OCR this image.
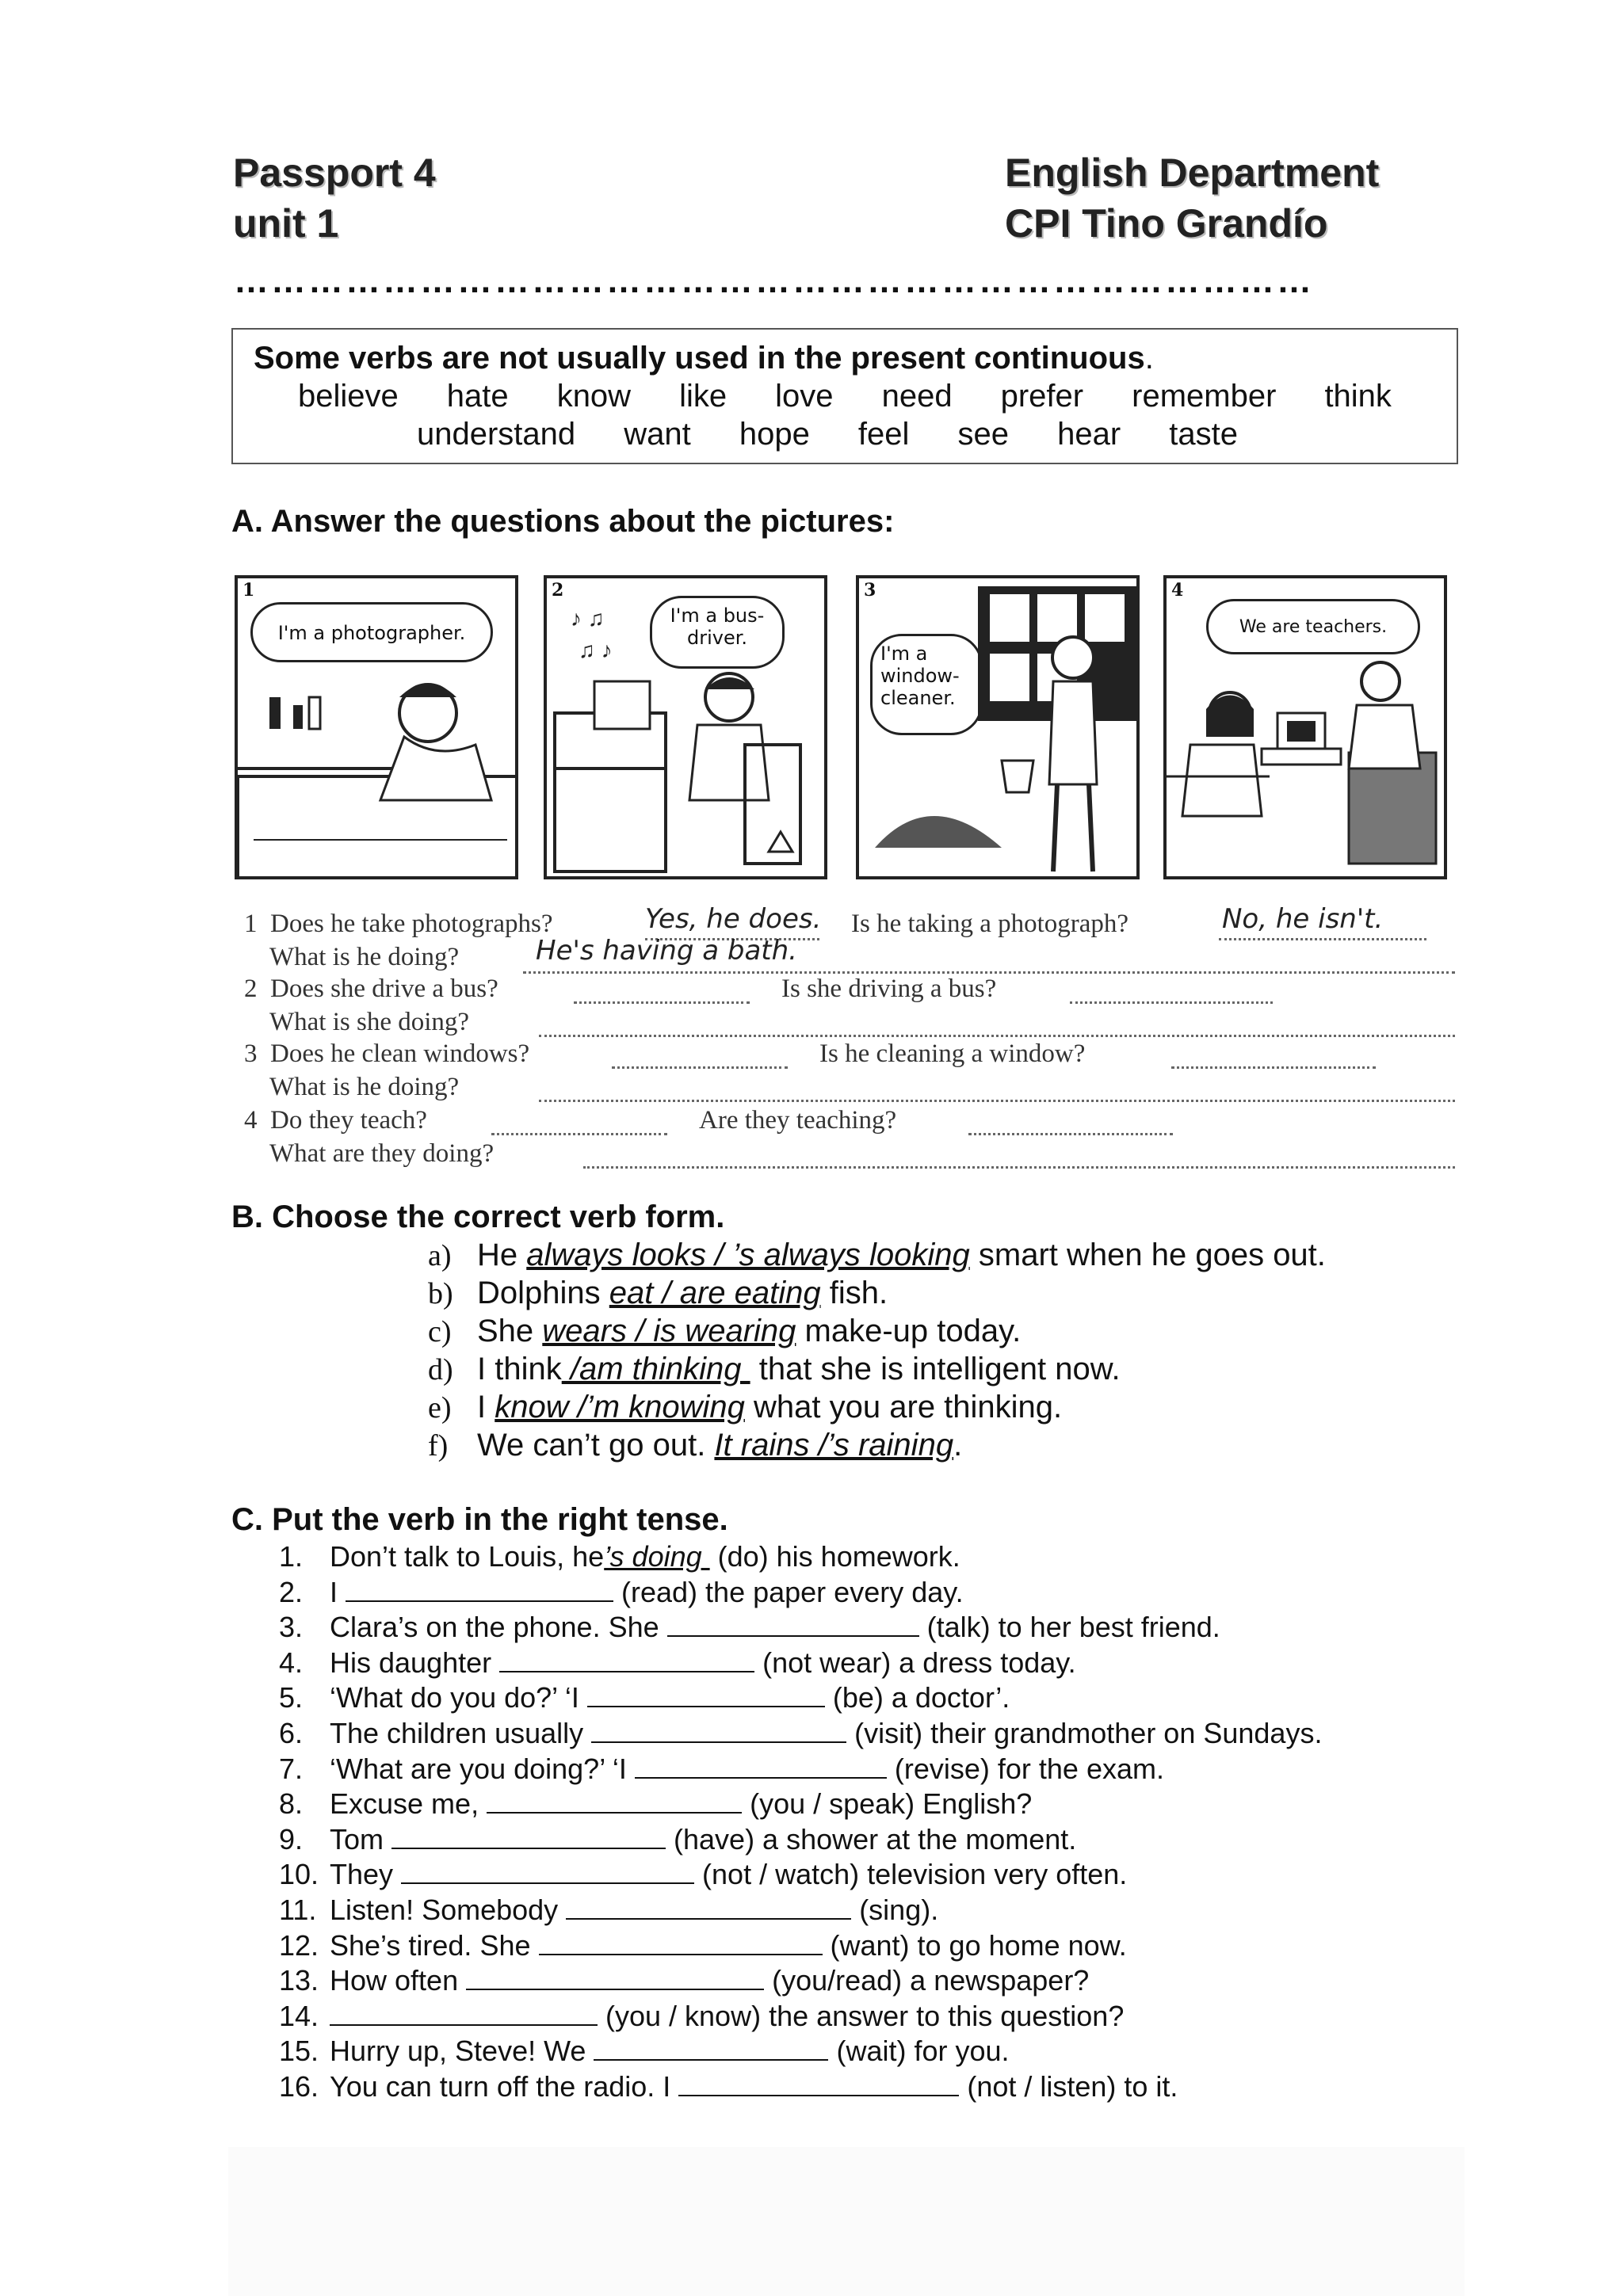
Passport 4
unit 1
English Department
CPI Tino Grandío
……………………………………………………………………………
Some verbs are not usually used in the present continuous.
believe hate know like love need prefer remember think
understand want hope feel see hear taste
A. Answer the questions about the pictures:
1
I'm a photographer.
2
I'm a bus-driver.
♪ ♫
♫ ♪
3
I'm a window-cleaner.
4
We are teachers.
1 Does he take photographs?	Yes, he does. Is he taking a photograph?	No, he isn't.
What is he doing?	He's having a bath.
2 Does she drive a bus?	Is she driving a bus?
What is she doing?
3 Does he clean windows?	Is he cleaning a window?
What is he doing?
4 Do they teach?	Are they teaching?
What are they doing?
B. Choose the correct verb form.
a) He always looks / ’s always looking smart when he goes out.
b) Dolphins eat / are eating fish.
c) She wears / is wearing make-up today.
d) I think /am thinking  that she is intelligent now.
e) I know /’m knowing what you are thinking.
f) We can’t go out. It rains /’s raining.
C. Put the verb in the right tense.
1. Don’t talk to Louis, he’s doing  (do) his homework.
2. I	(read) the paper every day.
3. Clara’s on the phone. She	(talk) to her best friend.
4. His daughter	(not wear) a dress today.
5. ‘What do you do?’ ‘I	(be) a doctor’.
6. The children usually	(visit) their grandmother on Sundays.
7. ‘What are you doing?’ ‘I	(revise) for the exam.
8. Excuse me,	(you / speak) English?
9. Tom	(have) a shower at the moment.
10. They	(not / watch) television very often.
11. Listen! Somebody	(sing).
12. She’s tired. She	(want) to go home now.
13. How often	(you/read) a newspaper?
14.	(you / know) the answer to this question?
15. Hurry up, Steve! We	(wait) for you.
16. You can turn off the radio. I	(not / listen) to it.
